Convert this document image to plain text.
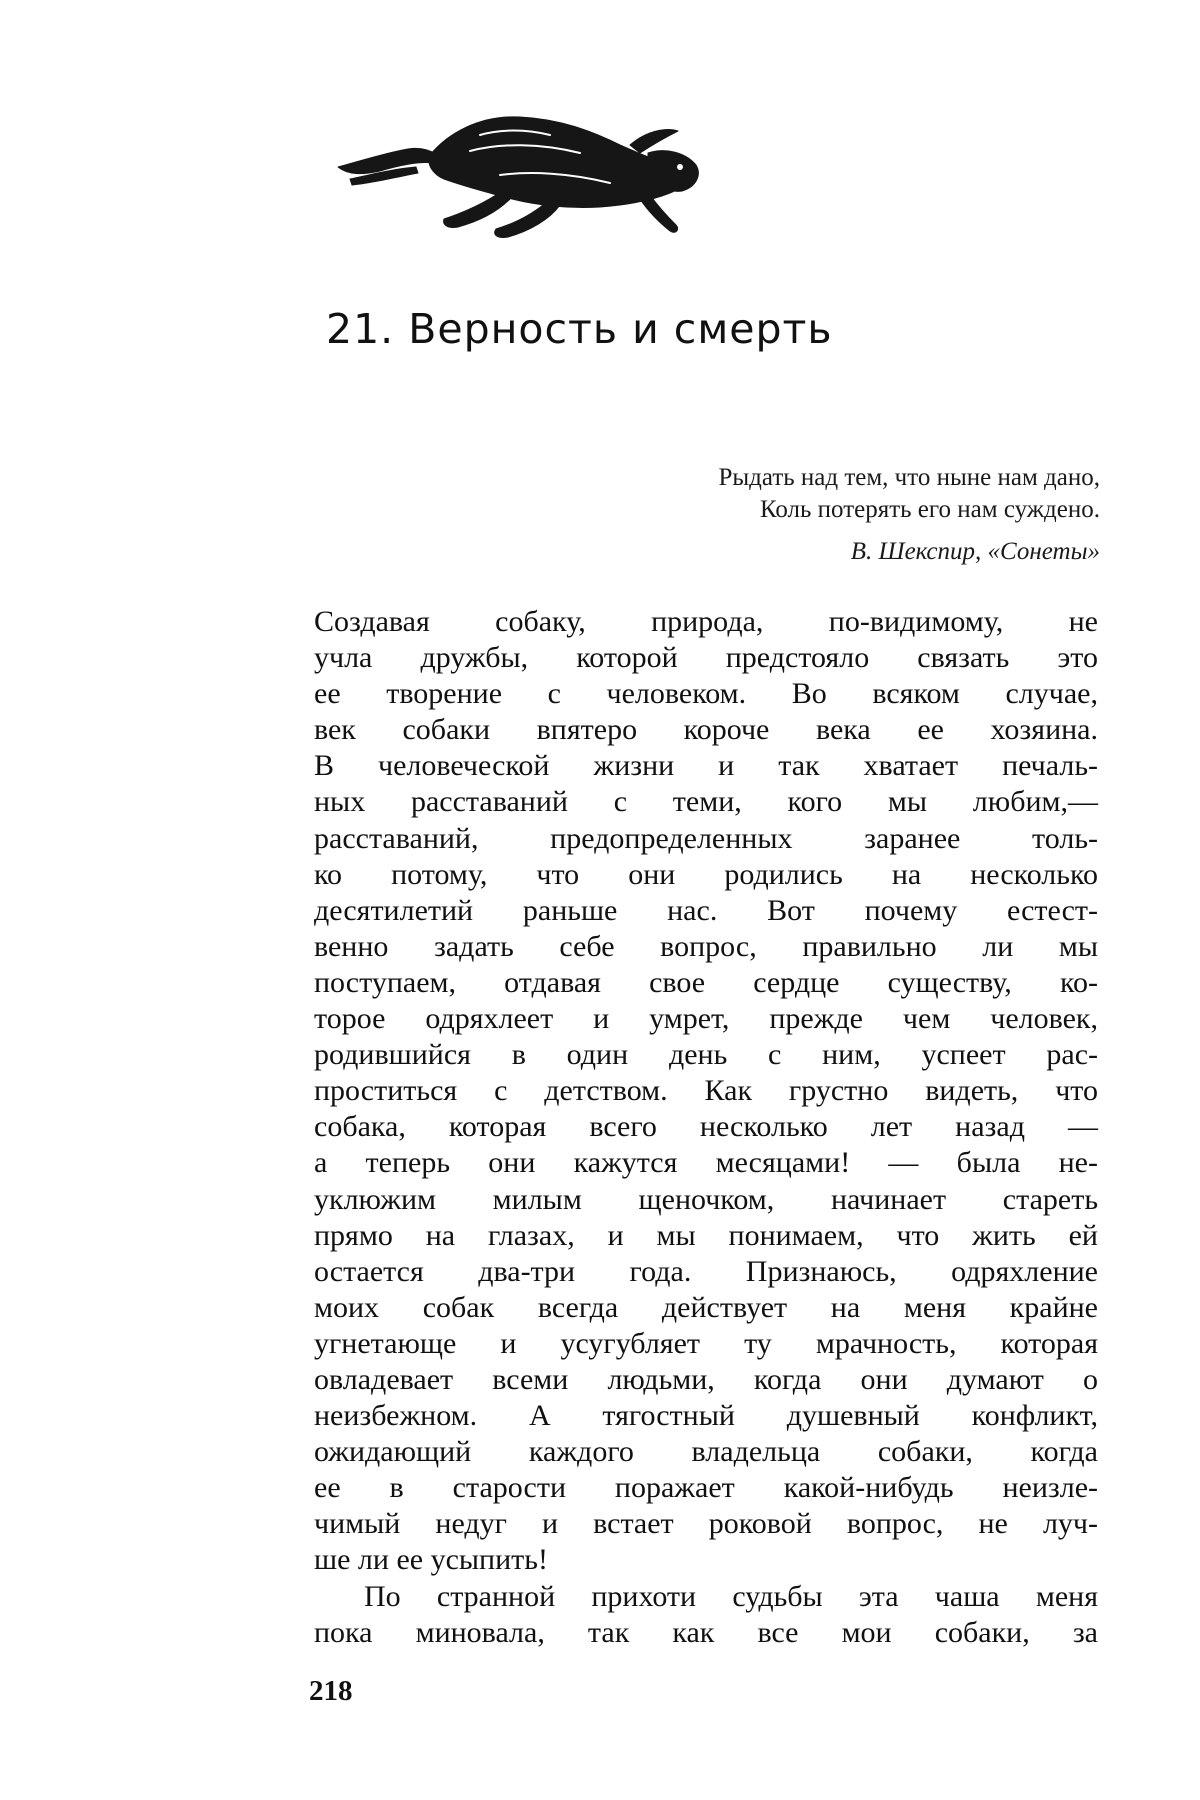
21. Верность и смерть
Рыдать над тем, что ныне нам дано,
Коль потерять его нам суждено.
В. Шекспир, «Сонеты»
Создавая собаку, природа, по-видимому, не
учла дружбы, которой предстояло связать это
ее творение с человеком. Во всяком случае,
век собаки впятеро короче века ее хозяина.
В человеческой жизни и так хватает печаль-
ных расставаний с теми, кого мы любим,—
расставаний, предопределенных заранее толь-
ко потому, что они родились на несколько
десятилетий раньше нас. Вот почему естест-
венно задать себе вопрос, правильно ли мы
поступаем, отдавая свое сердце существу, ко-
торое одряхлеет и умрет, прежде чем человек,
родившийся в один день с ним, успеет рас-
проститься с детством. Как грустно видеть, что
собака, которая всего несколько лет назад —
а теперь они кажутся месяцами! — была не-
уклюжим милым щеночком, начинает стареть
прямо на глазах, и мы понимаем, что жить ей
остается два-три года. Признаюсь, одряхление
моих собак всегда действует на меня крайне
угнетающе и усугубляет ту мрачность, которая
овладевает всеми людьми, когда они думают о
неизбежном. А тягостный душевный конфликт,
ожидающий каждого владельца собаки, когда
ее в старости поражает какой-нибудь неизле-
чимый недуг и встает роковой вопрос, не луч-
ше ли ее усыпить!
По странной прихоти судьбы эта чаша меня
пока миновала, так как все мои собаки, за
218
